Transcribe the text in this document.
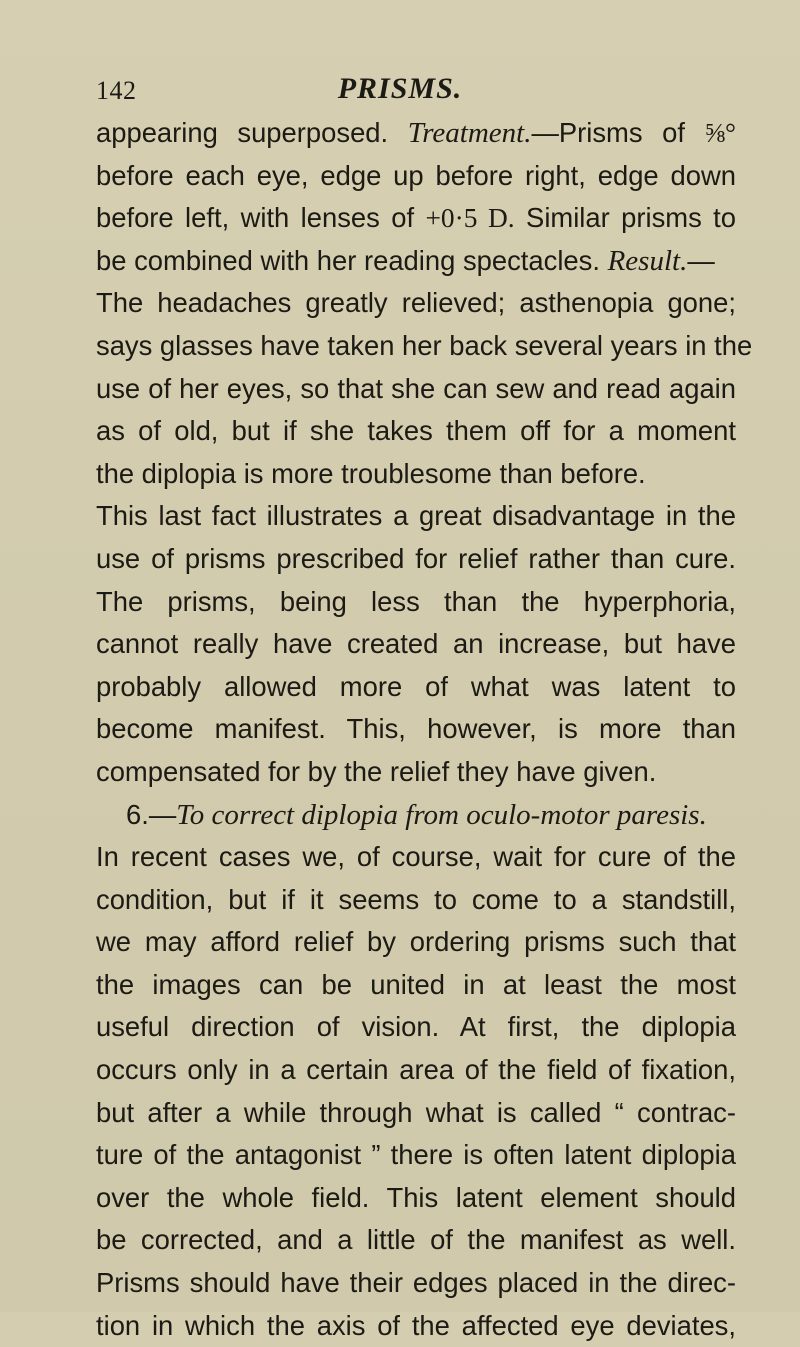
142	PRISMS.
appearing superposed. Treatment.—Prisms of ⅝°
before each eye, edge up before right, edge down
before left, with lenses of +0·5 D. Similar prisms to
be combined with her reading spectacles. Result.—
The headaches greatly relieved; asthenopia gone;
says glasses have taken her back several years in the
use of her eyes, so that she can sew and read again
as of old, but if she takes them off for a moment
the diplopia is more troublesome than before.
This last fact illustrates a great disadvantage in the
use of prisms prescribed for relief rather than cure.
The prisms, being less than the hyperphoria,
cannot really have created an increase, but have
probably allowed more of what was latent to
become manifest. This, however, is more than
compensated for by the relief they have given.
6.—To correct diplopia from oculo-motor paresis.
In recent cases we, of course, wait for cure of the
condition, but if it seems to come to a standstill,
we may afford relief by ordering prisms such that
the images can be united in at least the most
useful direction of vision. At first, the diplopia
occurs only in a certain area of the field of fixation,
but after a while through what is called “ contrac-
ture of the antagonist ” there is often latent diplopia
over the whole field. This latent element should
be corrected, and a little of the manifest as well.
Prisms should have their edges placed in the direc-
tion in which the axis of the affected eye deviates,
